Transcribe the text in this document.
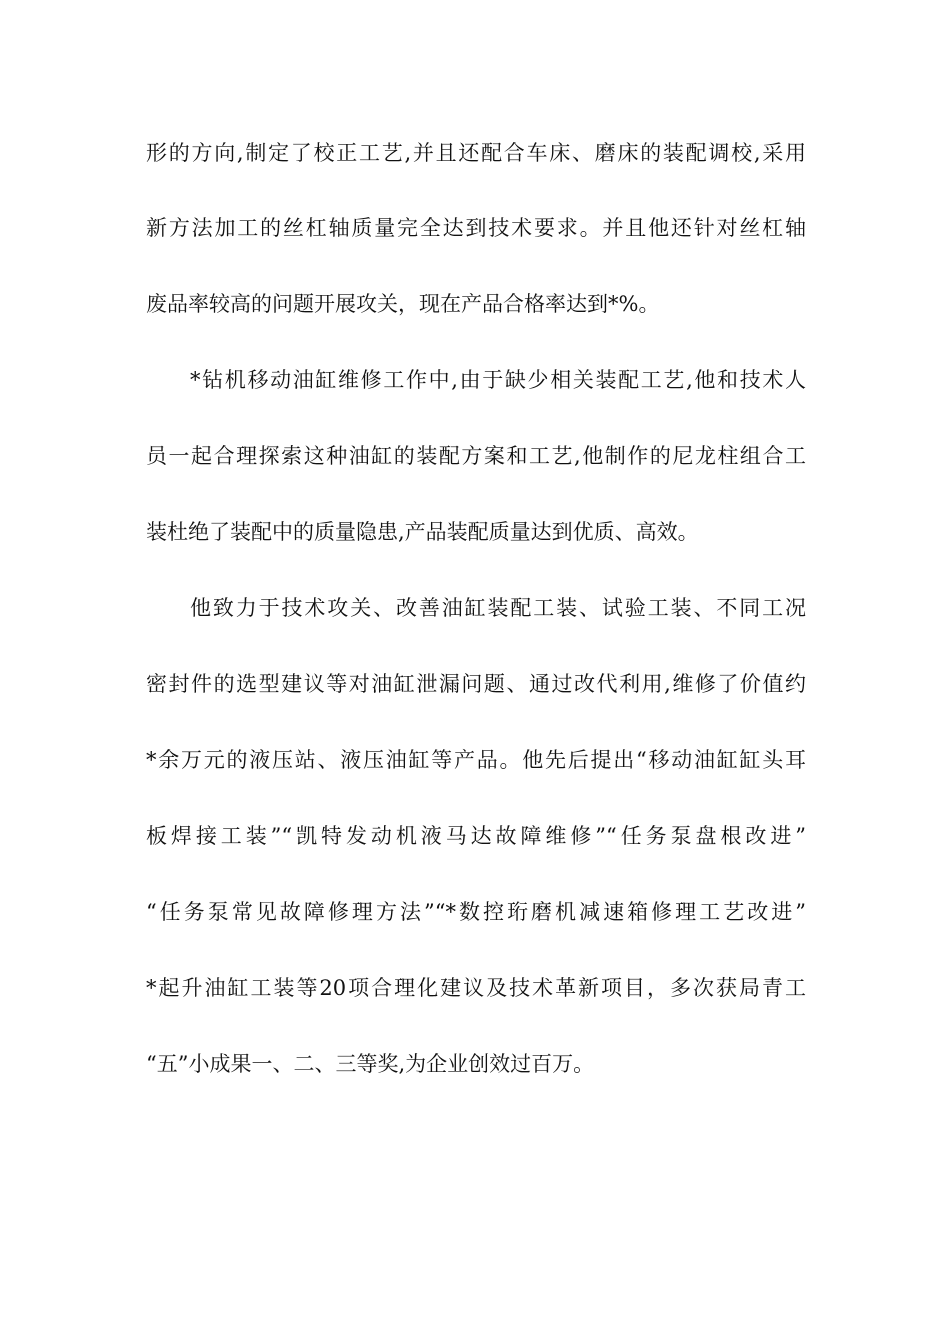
形的方向,制定了校正工艺,并且还配合车床、磨床的装配调校,采用
新方法加工的丝杠轴质量完全达到技术要求。并且他还针对丝杠轴
废品率较高的问题开展攻关，现在产品合格率达到*%。
*钻机移动油缸维修工作中,由于缺少相关装配工艺,他和技术人
员一起合理探索这种油缸的装配方案和工艺,他制作的尼龙柱组合工
装杜绝了装配中的质量隐患,产品装配质量达到优质、高效。
他致力于技术攻关、改善油缸装配工装、试验工装、不同工况
密封件的选型建议等对油缸泄漏问题、通过改代利用,维修了价值约
*余万元的液压站、液压油缸等产品。他先后提出“移动油缸缸头耳
板焊接工装”“凯特发动机液马达故障维修”“任务泵盘根改进”
“任务泵常见故障修理方法”“*数控珩磨机减速箱修理工艺改进”
*起升油缸工装等20项合理化建议及技术革新项目，多次获局青工
“五”小成果一、二、三等奖,为企业创效过百万。
